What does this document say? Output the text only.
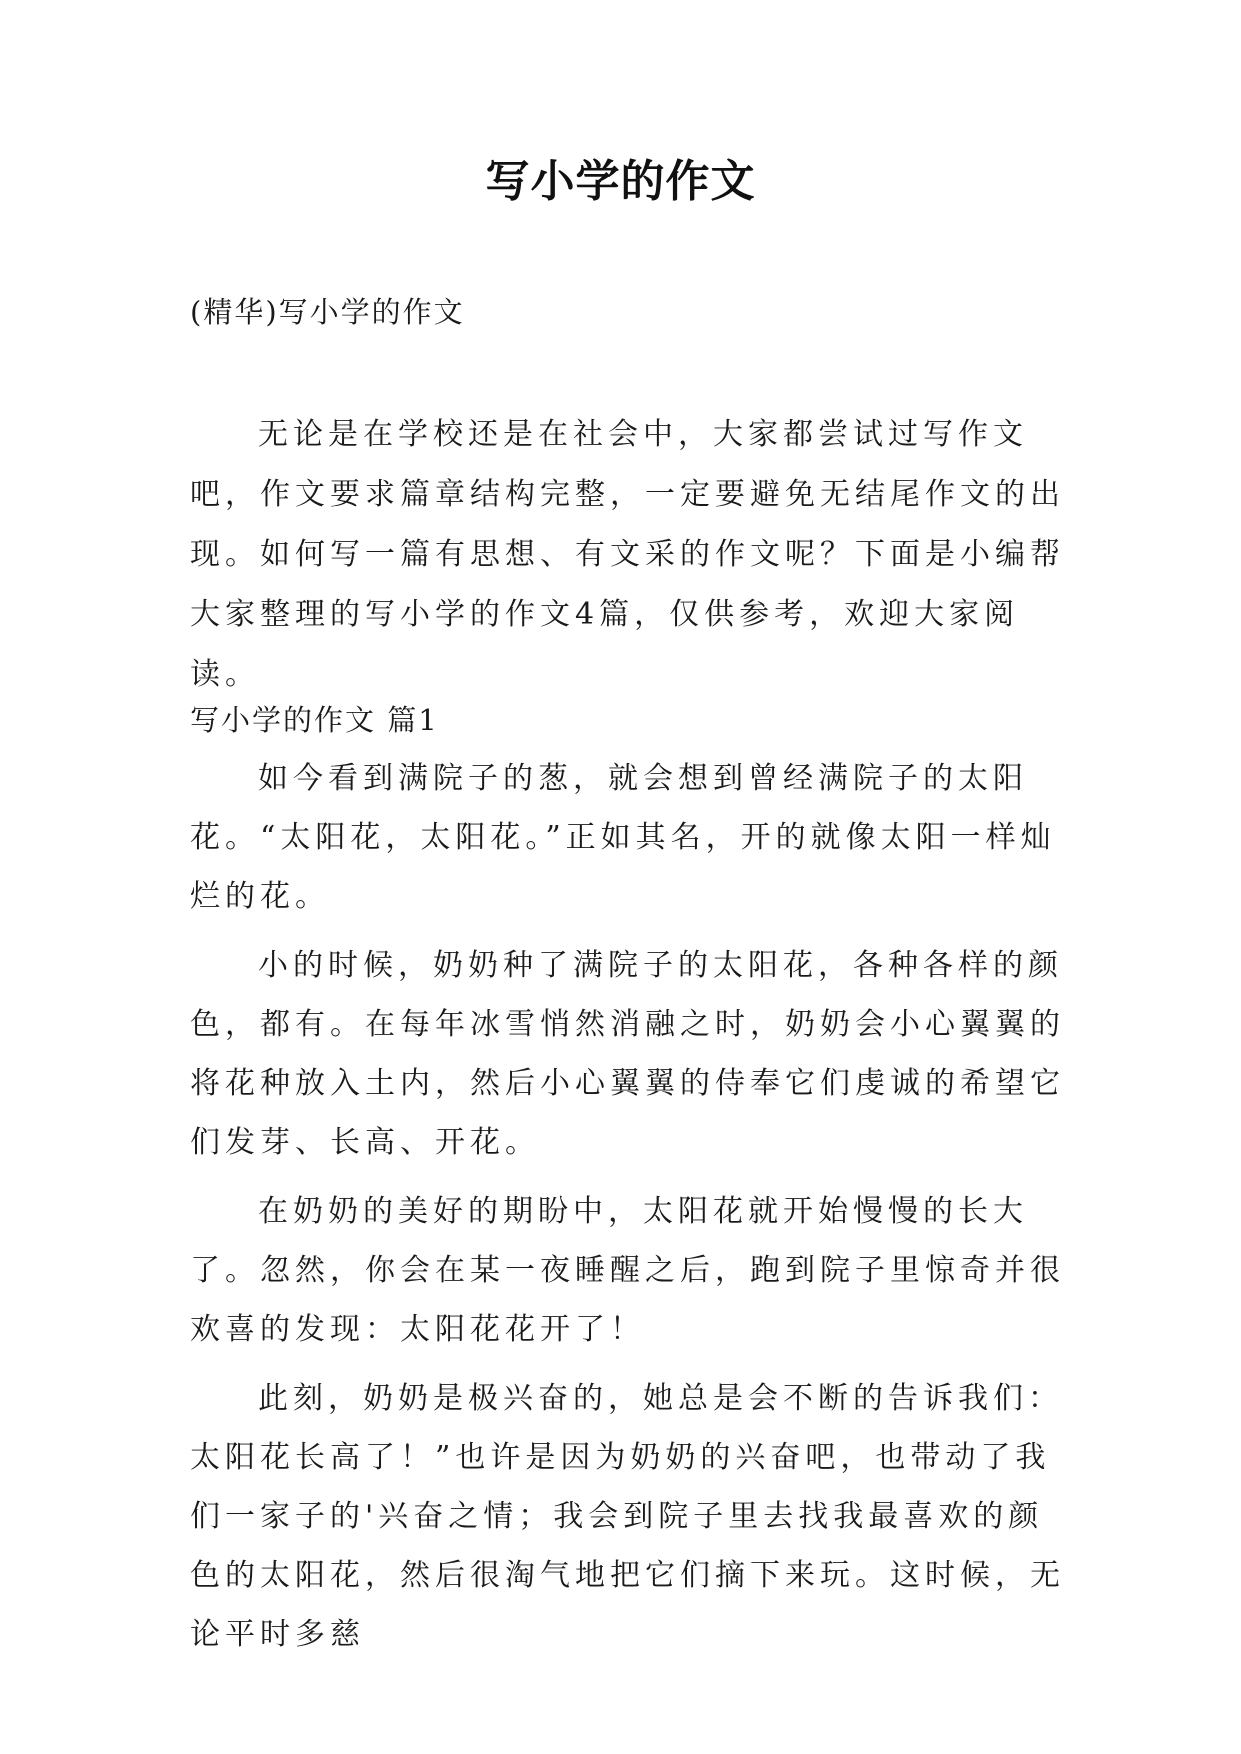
写小学的作文
(精华)写小学的作文

无论是在学校还是在社会中，大家都尝试过写作文吧，作文要求篇章结构完整，一定要避免无结尾作文的出现。如何写一篇有思想、有文采的作文呢？下面是小编帮大家整理的写小学的作文4篇，仅供参考，欢迎大家阅读。

写小学的作文 篇1

如今看到满院子的葱，就会想到曾经满院子的太阳花。“太阳花，太阳花。”正如其名，开的就像太阳一样灿烂的花。

小的时候，奶奶种了满院子的太阳花，各种各样的颜色，都有。在每年冰雪悄然消融之时，奶奶会小心翼翼的将花种放入土内，然后小心翼翼的侍奉它们虔诚的希望它们发芽、长高、开花。

在奶奶的美好的期盼中，太阳花就开始慢慢的长大了。忽然，你会在某一夜睡醒之后，跑到院子里惊奇并很欢喜的发现：太阳花花开了！

此刻，奶奶是极兴奋的，她总是会不断的告诉我们：太阳花长高了！”也许是因为奶奶的兴奋吧，也带动了我们一家子的'兴奋之情；我会到院子里去找我最喜欢的颜色的太阳花，然后很淘气地把它们摘下来玩。这时候，无论平时多慈
